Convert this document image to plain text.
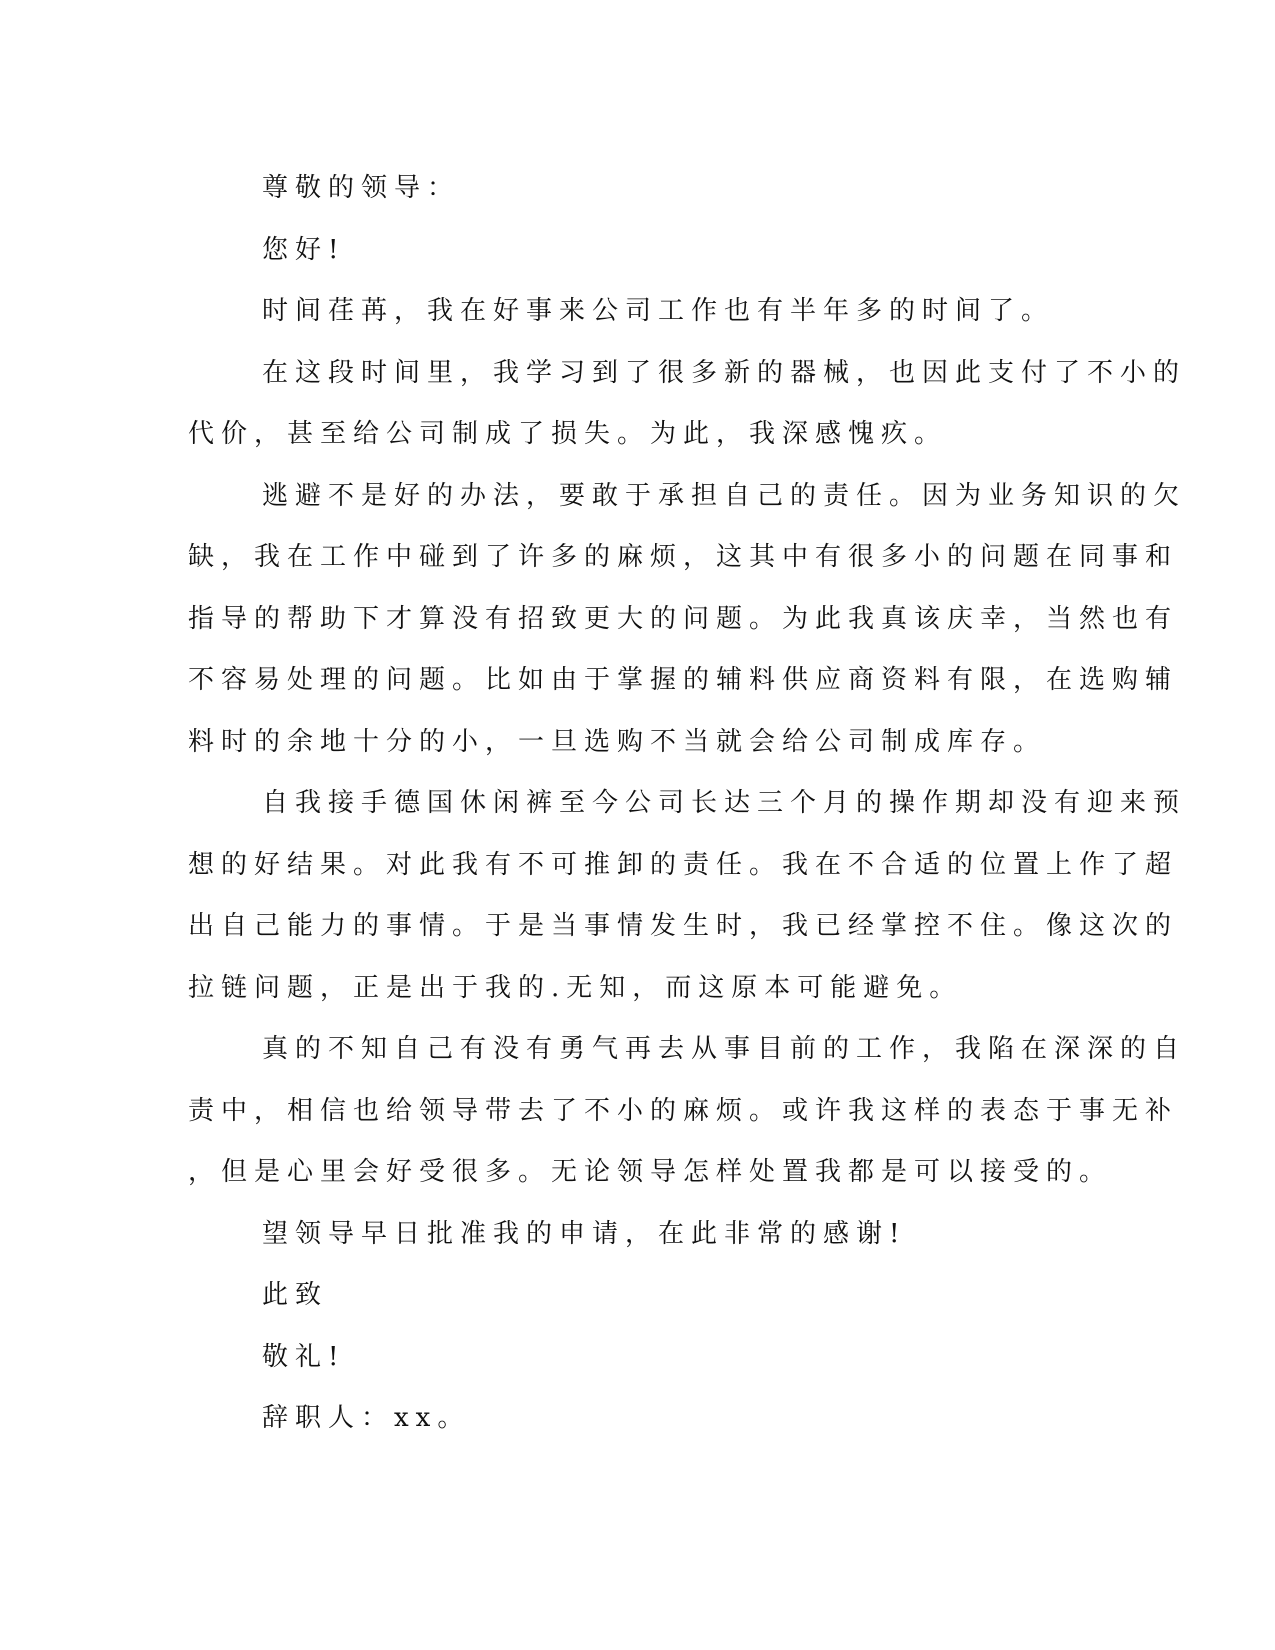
尊敬的领导：
您好!
时间荏苒，我在好事来公司工作也有半年多的时间了。
在这段时间里，我学习到了很多新的器械，也因此支付了不小的
代价，甚至给公司制成了损失。为此，我深感愧疚。
逃避不是好的办法，要敢于承担自己的责任。因为业务知识的欠
缺，我在工作中碰到了许多的麻烦，这其中有很多小的问题在同事和
指导的帮助下才算没有招致更大的问题。为此我真该庆幸，当然也有
不容易处理的问题。比如由于掌握的辅料供应商资料有限，在选购辅
料时的余地十分的小，一旦选购不当就会给公司制成库存。
自我接手德国休闲裤至今公司长达三个月的操作期却没有迎来预
想的好结果。对此我有不可推卸的责任。我在不合适的位置上作了超
出自己能力的事情。于是当事情发生时，我已经掌控不住。像这次的
拉链问题，正是出于我的.无知，而这原本可能避免。
真的不知自己有没有勇气再去从事目前的工作，我陷在深深的自
责中，相信也给领导带去了不小的麻烦。或许我这样的表态于事无补
，但是心里会好受很多。无论领导怎样处置我都是可以接受的。
望领导早日批准我的申请，在此非常的感谢!
此致
敬礼!
辞职人：xx。
